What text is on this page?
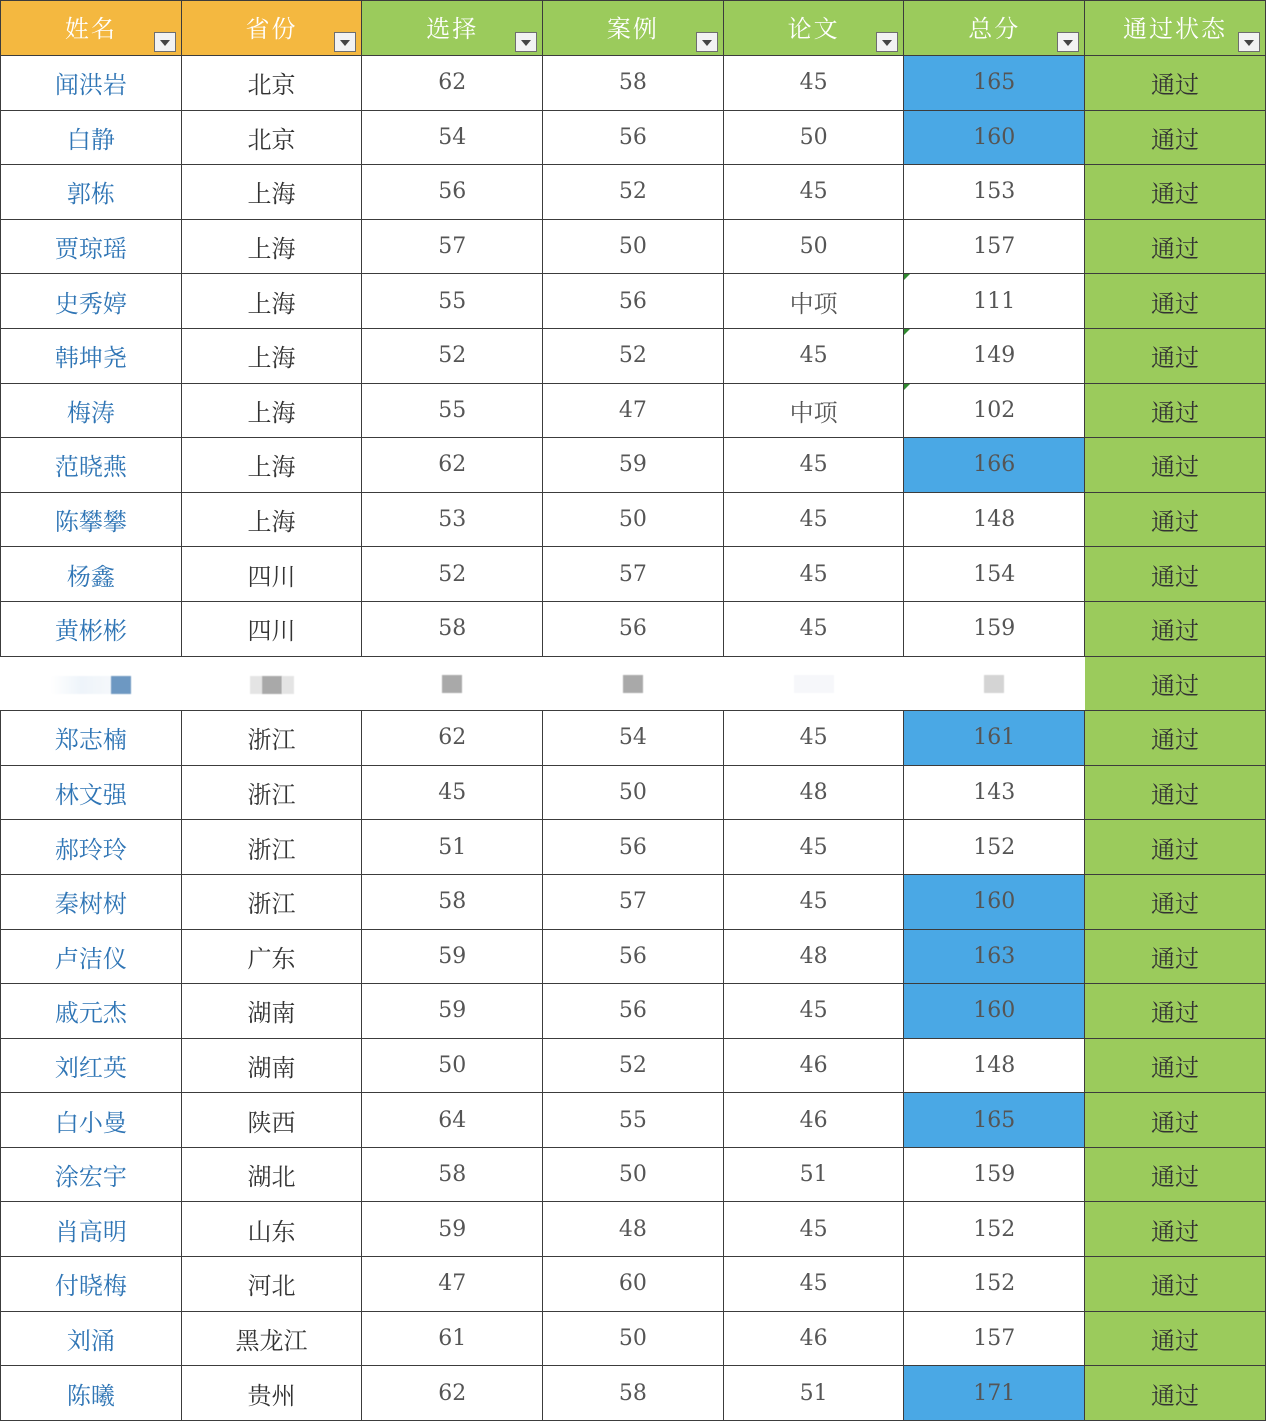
姓名	省份	选择	案例	论文	总分	通过状态

闻洪岩	北京	62	58	45	165	通过
白静	北京	54	56	50	160	通过
郭栋	上海	56	52	45	153	通过
贾琼瑶	上海	57	50	50	157	通过
史秀婷	上海	55	56	中项	111	通过
韩坤尧	上海	52	52	45	149	通过
梅涛	上海	55	47	中项	102	通过
范晓燕	上海	62	59	45	166	通过
陈攀攀	上海	53	50	45	148	通过
杨鑫	四川	52	57	45	154	通过
黄彬彬	四川	58	56	45	159	通过
						通过
郑志楠	浙江	62	54	45	161	通过
林文强	浙江	45	50	48	143	通过
郝玲玲	浙江	51	56	45	152	通过
秦树树	浙江	58	57	45	160	通过
卢洁仪	广东	59	56	48	163	通过
戚元杰	湖南	59	56	45	160	通过
刘红英	湖南	50	52	46	148	通过
白小曼	陕西	64	55	46	165	通过
涂宏宇	湖北	58	50	51	159	通过
肖高明	山东	59	48	45	152	通过
付晓梅	河北	47	60	45	152	通过
刘涌	黑龙江	61	50	46	157	通过
陈曦	贵州	62	58	51	171	通过
